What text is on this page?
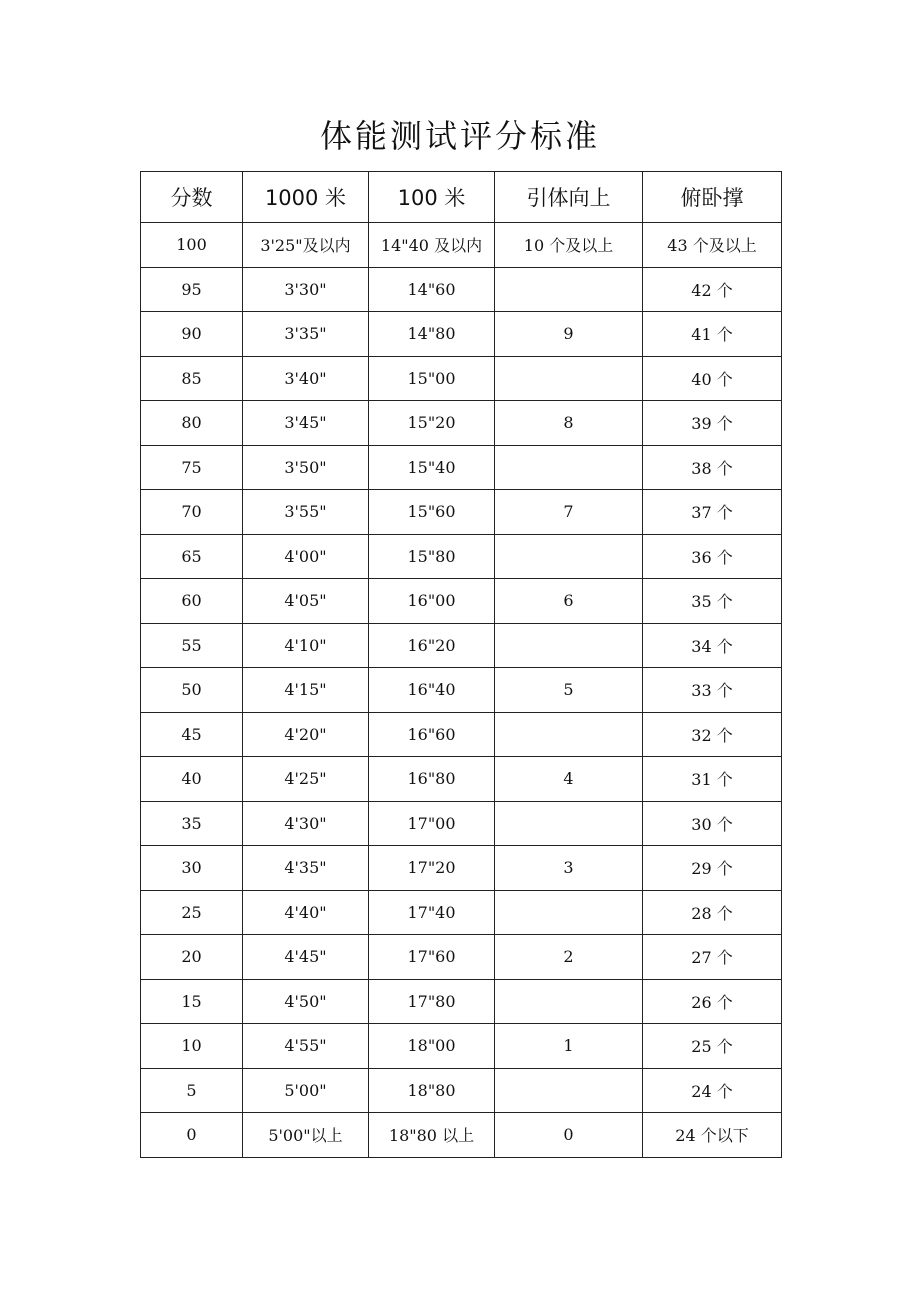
体能测试评分标准
分数	1000 米	100 米	引体向上	俯卧撑
100	3'25"及以内	14"40 及以内	10 个及以上	43 个及以上
95	3'30"	14"60		42 个
90	3'35"	14"80	9	41 个
85	3'40"	15"00		40 个
80	3'45"	15"20	8	39 个
75	3'50"	15"40		38 个
70	3'55"	15"60	7	37 个
65	4'00"	15"80		36 个
60	4'05"	16"00	6	35 个
55	4'10"	16"20		34 个
50	4'15"	16"40	5	33 个
45	4'20"	16"60		32 个
40	4'25"	16"80	4	31 个
35	4'30"	17"00		30 个
30	4'35"	17"20	3	29 个
25	4'40"	17"40		28 个
20	4'45"	17"60	2	27 个
15	4'50"	17"80		26 个
10	4'55"	18"00	1	25 个
5	5'00"	18"80		24 个
0	5'00"以上	18"80 以上	0	24 个以下
